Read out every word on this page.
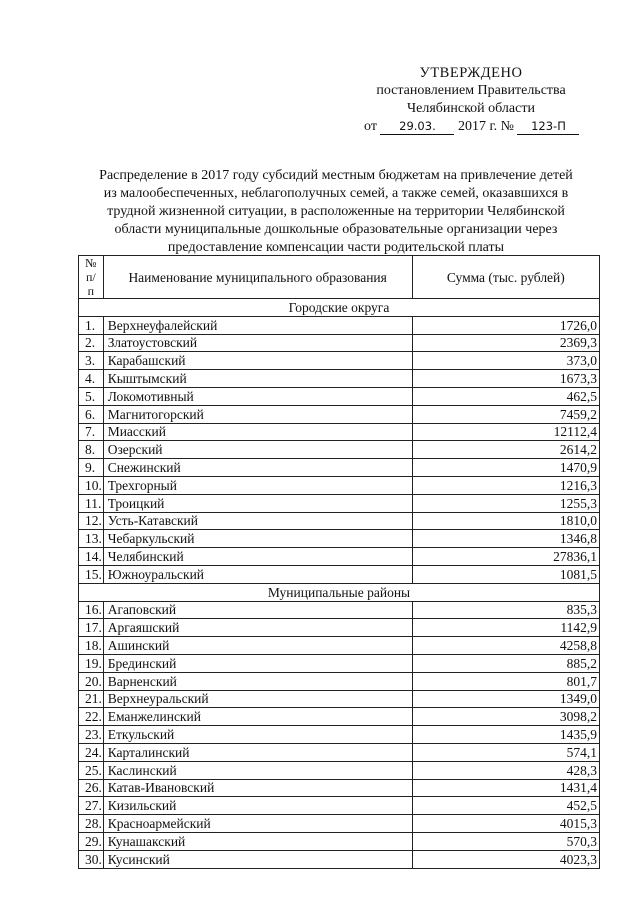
УТВЕРЖДЕНО
постановлением Правительства
Челябинской области
от 29.03. 2017 г. № 123-П
Распределение в 2017 году субсидий местным бюджетам на привлечение детей
из малообеспеченных, неблагополучных семей, а также семей, оказавшихся в
трудной жизненной ситуации, в расположенные на территории Челябинской
области муниципальные дошкольные образовательные организации через
предоставление компенсации части родительской платы
№ п/п	Наименование муниципального образования	Сумма (тыс. рублей)
Городские округа		
1.	Верхнеуфалейский	1726,0
2.	Златоустовский	2369,3
3.	Карабашский	373,0
4.	Кыштымский	1673,3
5.	Локомотивный	462,5
6.	Магнитогорский	7459,2
7.	Миасский	12112,4
8.	Озерский	2614,2
9.	Снежинский	1470,9
10.	Трехгорный	1216,3
11.	Троицкий	1255,3
12.	Усть-Катавский	1810,0
13.	Чебаркульский	1346,8
14.	Челябинский	27836,1
15.	Южноуральский	1081,5
Муниципальные районы		
16.	Агаповский	835,3
17.	Аргаяшский	1142,9
18.	Ашинский	4258,8
19.	Брединский	885,2
20.	Варненский	801,7
21.	Верхнеуральский	1349,0
22.	Еманжелинский	3098,2
23.	Еткульский	1435,9
24.	Карталинский	574,1
25.	Каслинский	428,3
26.	Катав-Ивановский	1431,4
27.	Кизильский	452,5
28.	Красноармейский	4015,3
29.	Кунашакский	570,3
30.	Кусинский	4023,3
